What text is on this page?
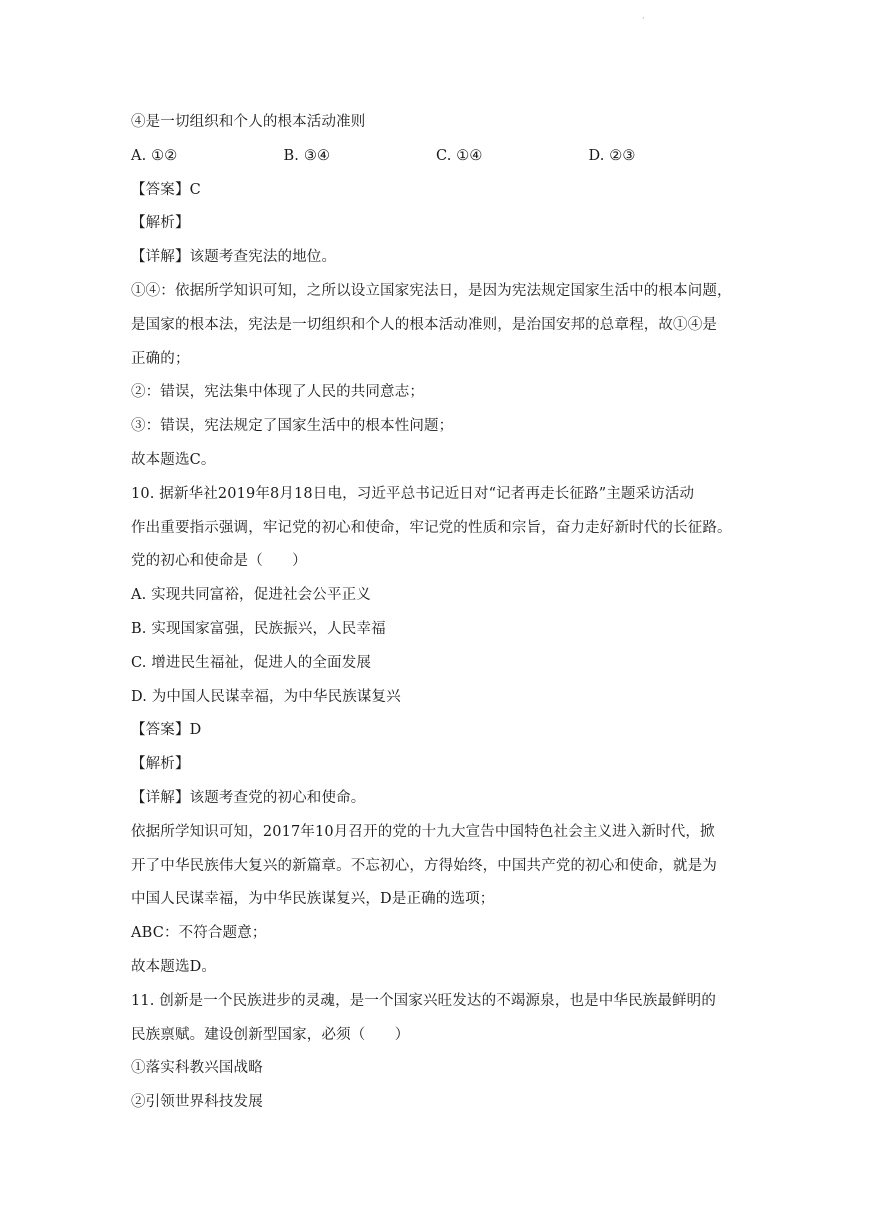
·
④是一切组织和个人的根本活动准则
A. ①②	B. ③④	C. ①④	D. ②③
【答案】C
【解析】
【详解】该题考查宪法的地位。
①④：依据所学知识可知，之所以设立国家宪法日，是因为宪法规定国家生活中的根本问题，
是国家的根本法，宪法是一切组织和个人的根本活动准则，是治国安邦的总章程，故①④是
正确的；
②：错误，宪法集中体现了人民的共同意志；
③：错误，宪法规定了国家生活中的根本性问题；
故本题选C。
10. 据新华社2019年8月18日电，习近平总书记近日对“记者再走长征路”主题采访活动
作出重要指示强调，牢记党的初心和使命，牢记党的性质和宗旨，奋力走好新时代的长征路。
党的初心和使命是（　　）
A. 实现共同富裕，促进社会公平正义
B. 实现国家富强，民族振兴，人民幸福
C. 增进民生福祉，促进人的全面发展
D. 为中国人民谋幸福，为中华民族谋复兴
【答案】D
【解析】
【详解】该题考查党的初心和使命。
依据所学知识可知，2017年10月召开的党的十九大宣告中国特色社会主义进入新时代，掀
开了中华民族伟大复兴的新篇章。不忘初心，方得始终，中国共产党的初心和使命，就是为
中国人民谋幸福，为中华民族谋复兴，D是正确的选项；
ABC：不符合题意；
故本题选D。
11. 创新是一个民族进步的灵魂，是一个国家兴旺发达的不竭源泉，也是中华民族最鲜明的
民族禀赋。建设创新型国家，必须（　　）
①落实科教兴国战略
②引领世界科技发展
